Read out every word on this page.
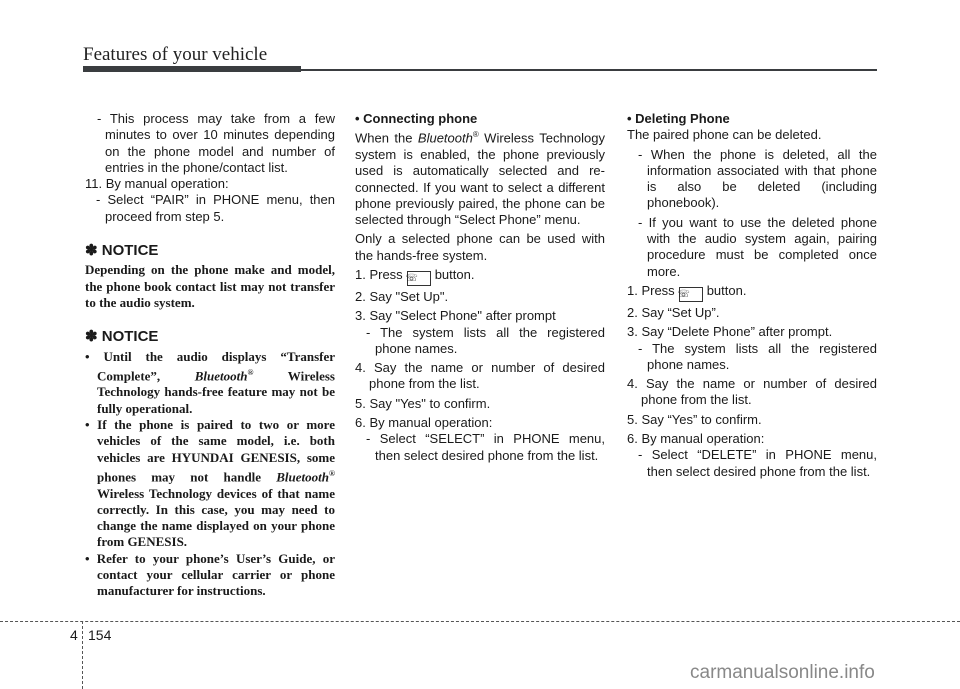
Features of your vehicle

- This process may take from a few minutes to over 10 minutes depending on the phone model and number of entries in the phone/contact list.

11. By manual operation:

- Select “PAIR” in PHONE menu, then proceed from step 5.

✽ NOTICE

Depending on the phone make and model, the phone book contact list may not transfer to the audio system.

✽ NOTICE

• Until the audio displays “Transfer Complete”, Bluetooth® Wireless Technology hands-free feature may not be fully operational.

• If the phone is paired to two or more vehicles of the same model, i.e. both vehicles are HYUNDAI GENESIS, some phones may not handle Bluetooth® Wireless Technology devices of that name correctly. In this case, you may need to change the name displayed on your phone from GENESIS.

• Refer to your phone’s User’s Guide, or contact your cellular carrier or phone manufacturer for instructions.

• Connecting phone

When the Bluetooth® Wireless Technology system is enabled, the phone previously used is automatically selected and re-connected. If you want to select a different phone previously paired, the phone can be selected through “Select Phone” menu.

Only a selected phone can be used with the hands-free system.

1. Press ☏ button.

2. Say "Set Up".

3. Say "Select Phone" after prompt

- The system lists all the registered phone names.

4. Say the name or number of desired phone from the list.

5. Say "Yes" to confirm.

6. By manual operation:

- Select “SELECT” in PHONE menu, then select desired phone from the list.

• Deleting Phone

The paired phone can be deleted.

- When the phone is deleted, all the information associated with that phone is also be deleted (including phonebook).

- If you want to use the deleted phone with the audio system again, pairing procedure must be completed once more.

1. Press ☏ button.

2. Say “Set Up”.

3. Say “Delete Phone” after prompt.

- The system lists all the registered phone names.

4. Say the name or number of desired phone from the list.

5. Say “Yes” to confirm.

6. By manual operation:

- Select “DELETE” in PHONE menu, then select desired phone from the list.

4 154
carmanualsonline.info
